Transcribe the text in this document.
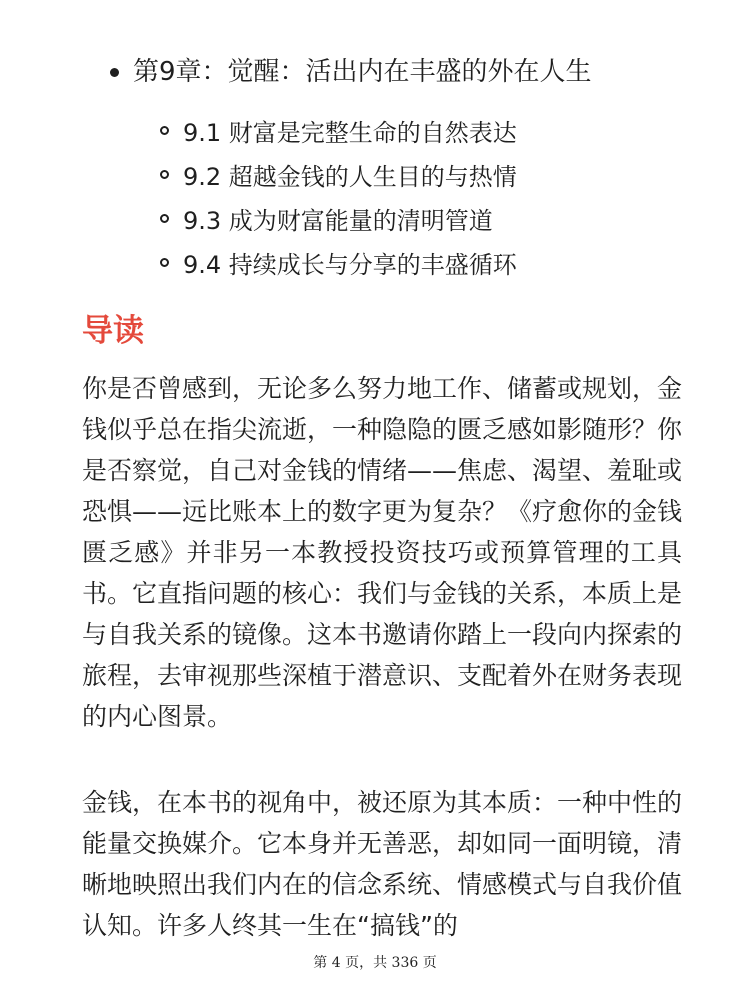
第9章：觉醒：活出内在丰盛的外在人生
9.1 财富是完整生命的自然表达
9.2 超越金钱的人生目的与热情
9.3 成为财富能量的清明管道
9.4 持续成长与分享的丰盛循环
导读

你是否曾感到，无论多么努力地工作、储蓄或规划，金钱似乎总在指尖流逝，一种隐隐的匮乏感如影随形？你是否察觉，自己对金钱的情绪——焦虑、渴望、羞耻或恐惧——远比账本上的数字更为复杂？《疗愈你的金钱匮乏感》并非另一本教授投资技巧或预算管理的工具书。它直指问题的核心：我们与金钱的关系，本质上是与自我关系的镜像。这本书邀请你踏上一段向内探索的旅程，去审视那些深植于潜意识、支配着外在财务表现的内心图景。

金钱，在本书的视角中，被还原为其本质：一种中性的能量交换媒介。它本身并无善恶，却如同一面明镜，清晰地映照出我们内在的信念系统、情感模式与自我价值认知。许多人终其一生在“搞钱”的

第 4 页，共 336 页
